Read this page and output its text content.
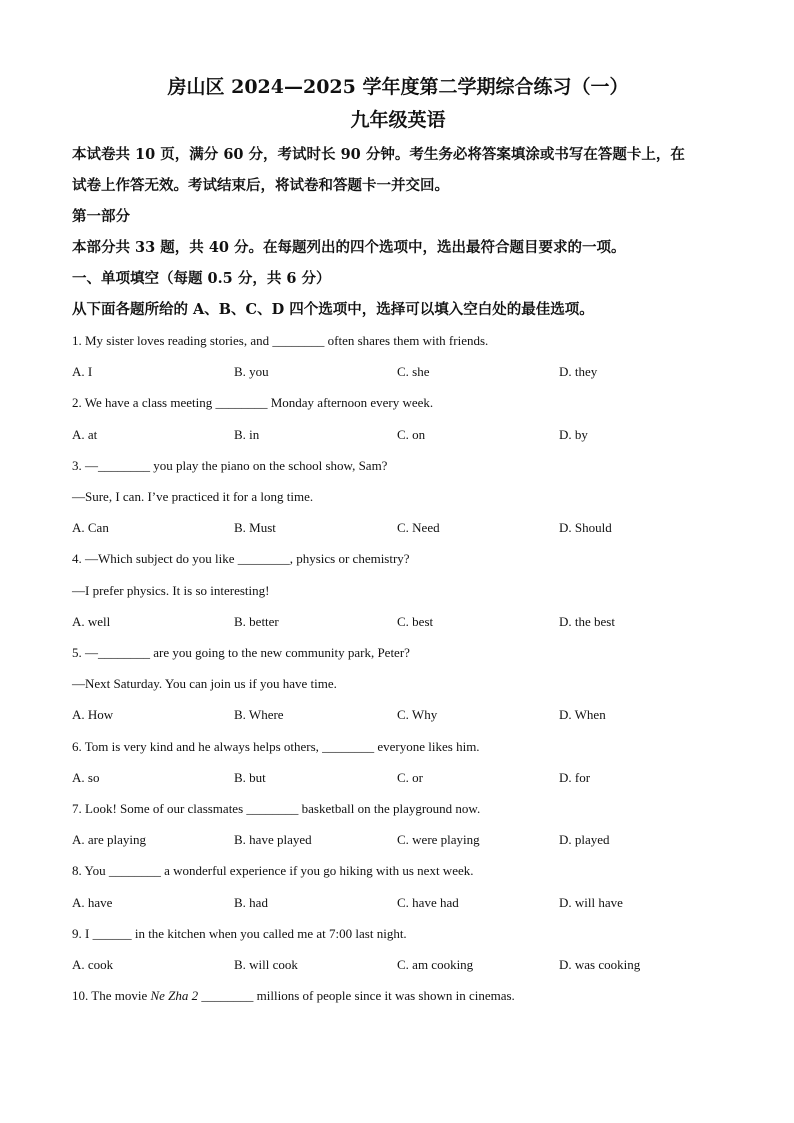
房山区 2024—2025 学年度第二学期综合练习（一）
九年级英语
本试卷共 10 页，满分 60 分，考试时长 90 分钟。考生务必将答案填涂或书写在答题卡上，在
试卷上作答无效。考试结束后，将试卷和答题卡一并交回。
第一部分
本部分共 33 题，共 40 分。在每题列出的四个选项中，选出最符合题目要求的一项。
一、单项填空（每题 0.5 分，共 6 分）
从下面各题所给的 A、B、C、D 四个选项中，选择可以填入空白处的最佳选项。
1. My sister loves reading stories, and ________ often shares them with friends.
A. I	B. you	C. she	D. they
2. We have a class meeting ________ Monday afternoon every week.
A. at	B. in	C. on	D. by
3. —________ you play the piano on the school show, Sam?
—Sure, I can. I’ve practiced it for a long time.
A. Can	B. Must	C. Need	D. Should
4. —Which subject do you like ________, physics or chemistry?
—I prefer physics. It is so interesting!
A. well	B. better	C. best	D. the best
5. —________ are you going to the new community park, Peter?
—Next Saturday. You can join us if you have time.
A. How	B. Where	C. Why	D. When
6. Tom is very kind and he always helps others, ________ everyone likes him.
A. so	B. but	C. or	D. for
7. Look! Some of our classmates ________ basketball on the playground now.
A. are playing	B. have played	C. were playing	D. played
8. You ________ a wonderful experience if you go hiking with us next week.
A. have	B. had	C. have had	D. will have
9. I ______ in the kitchen when you called me at 7:00 last night.
A. cook	B. will cook	C. am cooking	D. was cooking
10. The movie Ne Zha 2 ________ millions of people since it was shown in cinemas.
